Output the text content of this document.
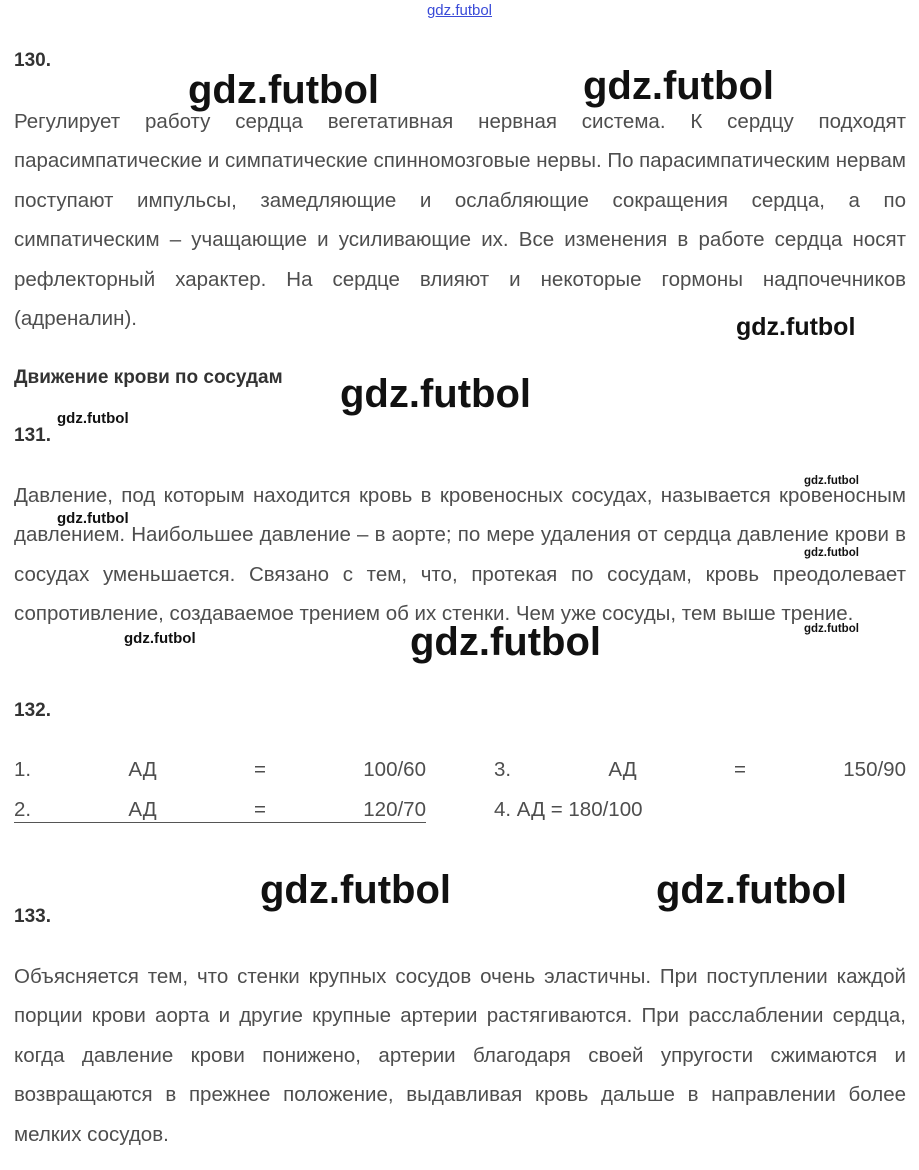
gdz.futbol
130.
Регулирует работу сердца вегетативная нервная система. К сердцу подходят парасимпатические и симпатические спинномозговые нервы. По парасимпатическим нервам поступают импульсы, замедляющие и ослабляющие сокращения сердца, а по симпатическим – учащающие и усиливающие их. Все изменения в работе сердца носят рефлекторный характер. На сердце влияют и некоторые гормоны надпочечников (адреналин).
Движение крови по сосудам
131.
Давление, под которым находится кровь в кровеносных сосудах, называется кровеносным давлением. Наибольшее давление – в аорте; по мере удаления от сердца давление крови в сосудах уменьшается. Связано с тем, что, протекая по сосудам, кровь преодолевает сопротивление, создаваемое трением об их стенки. Чем уже сосуды, тем выше трение.
132.
1.	АД	=	100/60
2.	АД	=	120/70
3.	АД	=	150/90
4. АД = 180/100
133.
Объясняется тем, что стенки крупных сосудов очень эластичны. При поступлении каждой порции крови аорта и другие крупные артерии растягиваются. При расслаблении сердца, когда давление крови понижено, артерии благодаря своей упругости сжимаются и возвращаются в прежнее положение, выдавливая кровь дальше в направлении более мелких сосудов.
gdz.futbol	gdz.futbol
gdz.futbol
gdz.futbol
gdz.futbol
gdz.futbol
gdz.futbol
gdz.futbol
gdz.futbol
gdz.futbol	gdz.futbol
gdz.futbol	gdz.futbol
